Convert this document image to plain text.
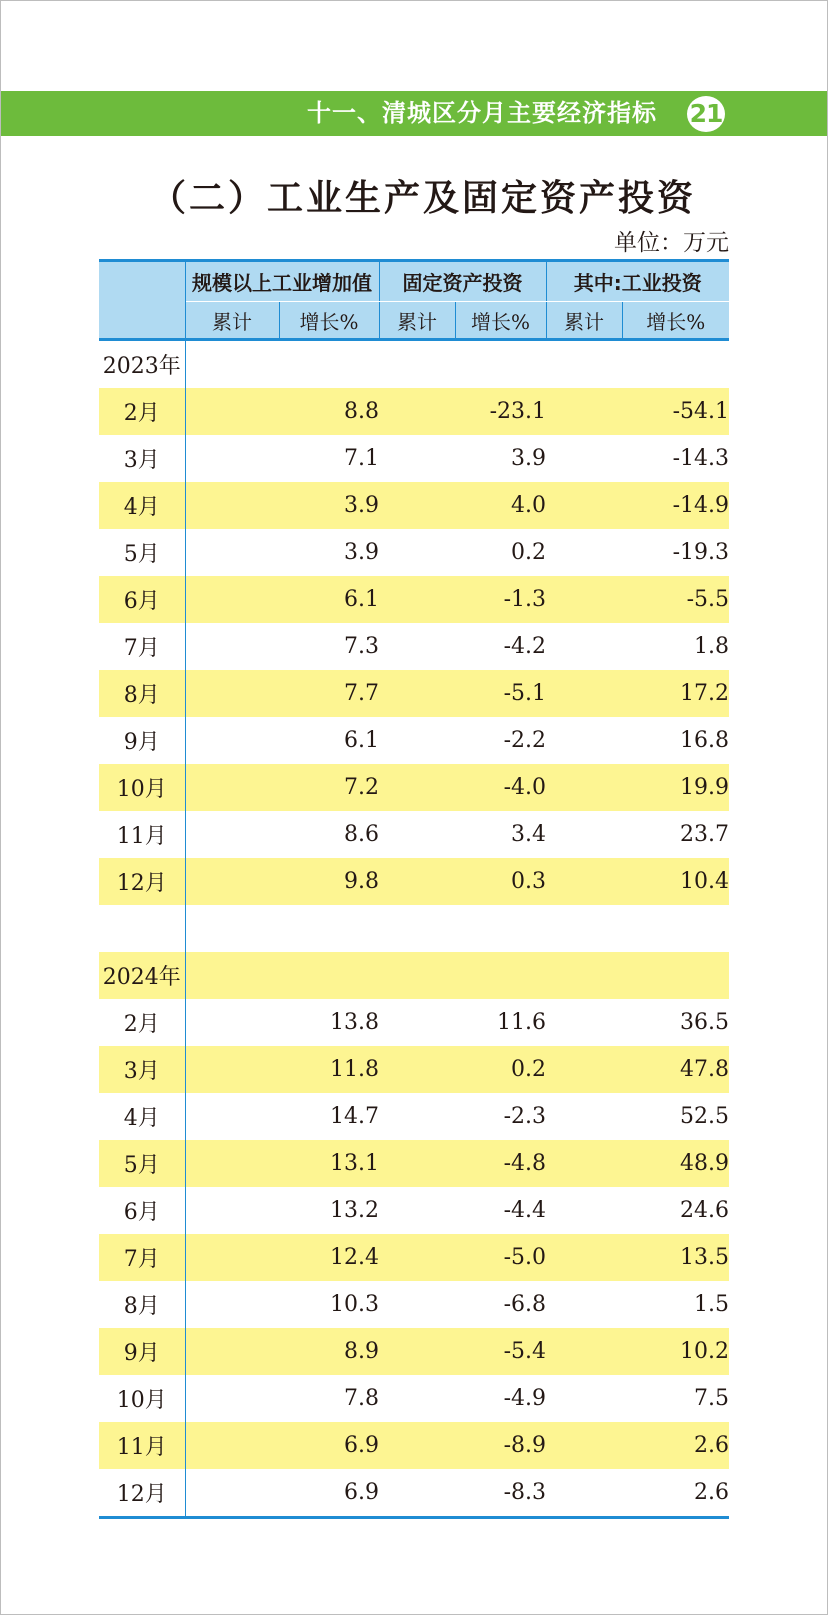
十一、清城区分月主要经济指标 21
（二）工业生产及固定资产投资
单位：万元
	规模以上工业增加值		固定资产投资		其中:工业投资	
	累计	增长%	累计	增长%	累计	增长%
2023年						
2月		8.8		-23.1		-54.1
3月		7.1		3.9		-14.3
4月		3.9		4.0		-14.9
5月		3.9		0.2		-19.3
6月		6.1		-1.3		-5.5
7月		7.3		-4.2		1.8
8月		7.7		-5.1		17.2
9月		6.1		-2.2		16.8
10月		7.2		-4.0		19.9
11月		8.6		3.4		23.7
12月		9.8		0.3		10.4

2024年						
2月		13.8		11.6		36.5
3月		11.8		0.2		47.8
4月		14.7		-2.3		52.5
5月		13.1		-4.8		48.9
6月		13.2		-4.4		24.6
7月		12.4		-5.0		13.5
8月		10.3		-6.8		1.5
9月		8.9		-5.4		10.2
10月		7.8		-4.9		7.5
11月		6.9		-8.9		2.6
12月		6.9		-8.3		2.6
